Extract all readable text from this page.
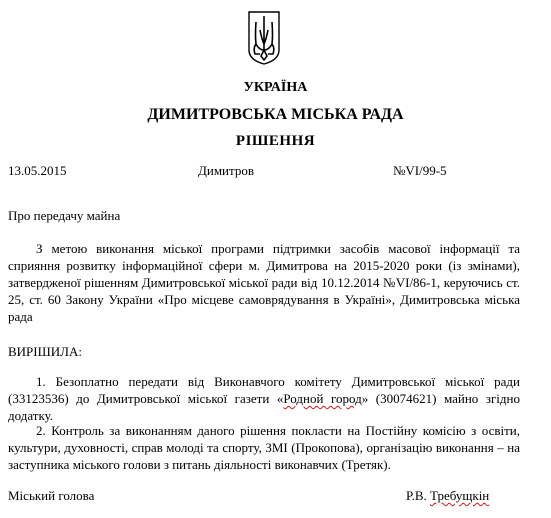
УКРАЇНА
ДИМИТРОВСЬКА МІСЬКА РАДА
РІШЕННЯ
13.05.2015	Димитров	№VI/99-5
Про передачу майна

З метою виконання міської програми підтримки засобів масової інформації та сприяння розвитку інформаційної сфери м. Димитрова на 2015-2020 роки (із змінами), затвердженої рішенням Димитровської міської ради від 10.12.2014 №VI/86-1, керуючись ст. 25, ст. 60 Закону України «Про місцеве самоврядування в Україні», Димитровська міська рада

ВИРІШИЛА:

1. Безоплатно передати від Виконавчого комітету Димитровської міської ради (33123536) до Димитровської міської газети «Родной город» (30074621) майно згідно додатку.

2. Контроль за виконанням даного рішення покласти на Постійну комісію з освіти, культури, духовності, справ молоді та спорту, ЗМІ (Прокопова), організацію виконання – на заступника міського голови з питань діяльності виконавчих (Третяк).

Міський голова	Р.В. Требущкін
